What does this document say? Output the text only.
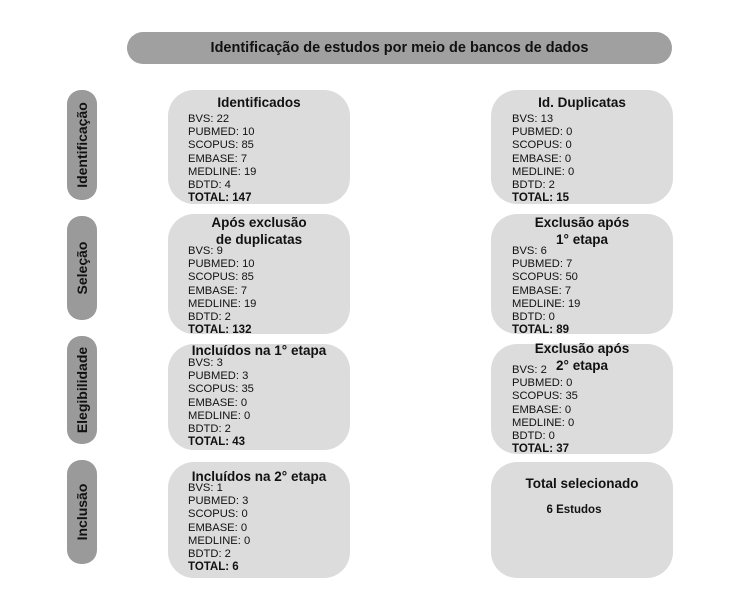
Identificação de estudos por meio de bancos de dados
Identificação
Seleção
Elegibilidade
Inclusão
Identificados
BVS: 22
PUBMED: 10
SCOPUS: 85
EMBASE: 7
MEDLINE: 19
BDTD: 4
TOTAL: 147
Id. Duplicatas
BVS: 13
PUBMED: 0
SCOPUS: 0
EMBASE: 0
MEDLINE: 0
BDTD: 2
TOTAL: 15
Após exclusão
de duplicatas
BVS: 9
PUBMED: 10
SCOPUS: 85
EMBASE: 7
MEDLINE: 19
BDTD: 2
TOTAL: 132
Exclusão após
1° etapa
BVS: 6
PUBMED: 7
SCOPUS: 50
EMBASE: 7
MEDLINE: 19
BDTD: 0
TOTAL: 89
Incluídos na 1° etapa
BVS: 3
PUBMED: 3
SCOPUS: 35
EMBASE: 0
MEDLINE: 0
BDTD: 2
TOTAL: 43
Exclusão após
2° etapa
BVS: 2
PUBMED: 0
SCOPUS: 35
EMBASE: 0
MEDLINE: 0
BDTD: 0
TOTAL: 37
Incluídos na 2° etapa
BVS: 1
PUBMED: 3
SCOPUS: 0
EMBASE: 0
MEDLINE: 0
BDTD: 2
TOTAL: 6
Total selecionado
6 Estudos
